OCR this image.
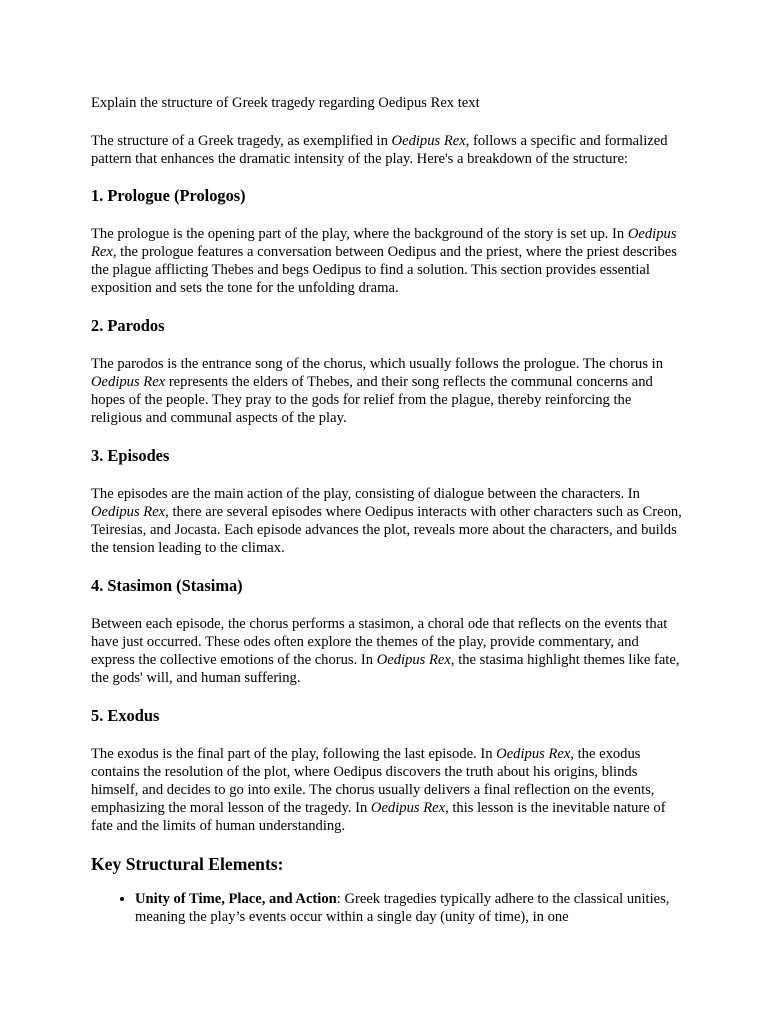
Explain the structure of Greek tragedy regarding Oedipus Rex text

The structure of a Greek tragedy, as exemplified in Oedipus Rex, follows a specific and formalized pattern that enhances the dramatic intensity of the play. Here's a breakdown of the structure:

1. Prologue (Prologos)

The prologue is the opening part of the play, where the background of the story is set up. In Oedipus Rex, the prologue features a conversation between Oedipus and the priest, where the priest describes the plague afflicting Thebes and begs Oedipus to find a solution. This section provides essential exposition and sets the tone for the unfolding drama.

2. Parodos

The parodos is the entrance song of the chorus, which usually follows the prologue. The chorus in Oedipus Rex represents the elders of Thebes, and their song reflects the communal concerns and hopes of the people. They pray to the gods for relief from the plague, thereby reinforcing the religious and communal aspects of the play.

3. Episodes

The episodes are the main action of the play, consisting of dialogue between the characters. In Oedipus Rex, there are several episodes where Oedipus interacts with other characters such as Creon, Teiresias, and Jocasta. Each episode advances the plot, reveals more about the characters, and builds the tension leading to the climax.

4. Stasimon (Stasima)

Between each episode, the chorus performs a stasimon, a choral ode that reflects on the events that have just occurred. These odes often explore the themes of the play, provide commentary, and express the collective emotions of the chorus. In Oedipus Rex, the stasima highlight themes like fate, the gods' will, and human suffering.

5. Exodus

The exodus is the final part of the play, following the last episode. In Oedipus Rex, the exodus contains the resolution of the plot, where Oedipus discovers the truth about his origins, blinds himself, and decides to go into exile. The chorus usually delivers a final reflection on the events, emphasizing the moral lesson of the tragedy. In Oedipus Rex, this lesson is the inevitable nature of fate and the limits of human understanding.

Key Structural Elements:
• Unity of Time, Place, and Action: Greek tragedies typically adhere to the classical unities, meaning the play’s events occur within a single day (unity of time), in one
